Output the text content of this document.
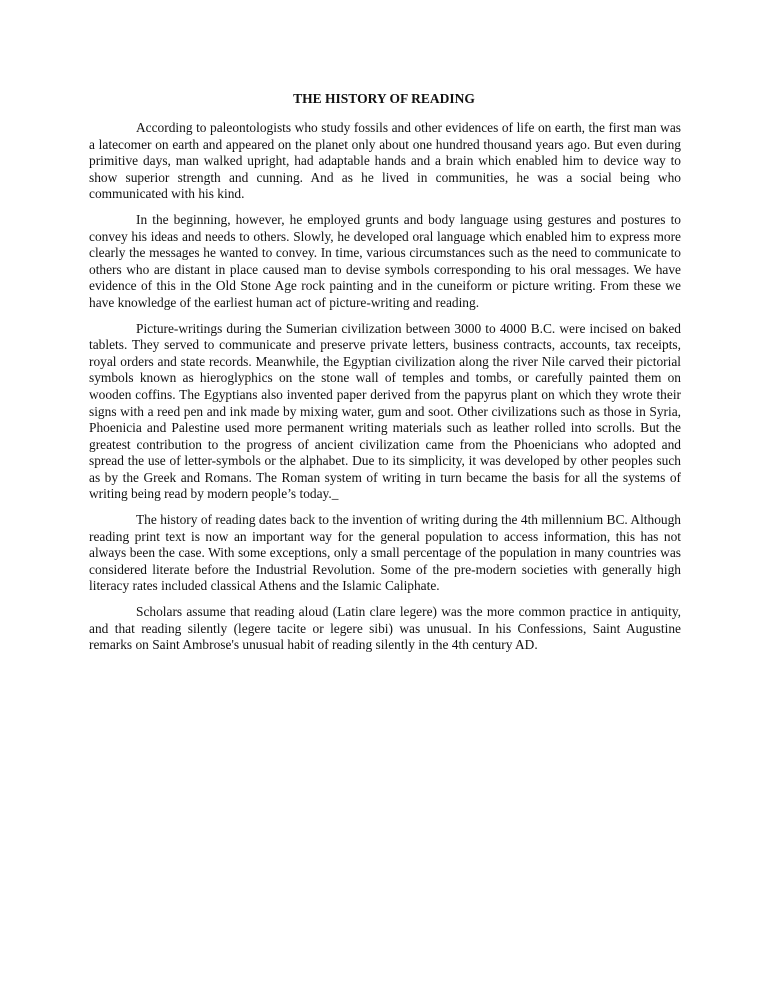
THE HISTORY OF READING

According to paleontologists who study fossils and other evidences of life on earth, the first man was a latecomer on earth and appeared on the planet only about one hundred thousand years ago. But even during primitive days, man walked upright, had adaptable hands and a brain which enabled him to device way to show superior strength and cunning. And as he lived in communities, he was a social being who communicated with his kind.

In the beginning, however, he employed grunts and body language using gestures and postures to convey his ideas and needs to others. Slowly, he developed oral language which enabled him to express more clearly the messages he wanted to convey. In time, various circumstances such as the need to communicate to others who are distant in place caused man to devise symbols corresponding to his oral messages. We have evidence of this in the Old Stone Age rock painting and in the cuneiform or picture writing. From these we have knowledge of the earliest human act of picture-writing and reading.

Picture-writings during the Sumerian civilization between 3000 to 4000 B.C. were incised on baked tablets. They served to communicate and preserve private letters, business contracts, accounts, tax receipts, royal orders and state records. Meanwhile, the Egyptian civilization along the river Nile carved their pictorial symbols known as hieroglyphics on the stone wall of temples and tombs, or carefully painted them on wooden coffins. The Egyptians also invented paper derived from the papyrus plant on which they wrote their signs with a reed pen and ink made by mixing water, gum and soot. Other civilizations such as those in Syria, Phoenicia and Palestine used more permanent writing materials such as leather rolled into scrolls. But the greatest contribution to the progress of ancient civilization came from the Phoenicians who adopted and spread the use of letter-symbols or the alphabet. Due to its simplicity, it was developed by other peoples such as by the Greek and Romans. The Roman system of writing in turn became the basis for all the systems of writing being read by modern people’s today._

The history of reading dates back to the invention of writing during the 4th millennium BC. Although reading print text is now an important way for the general population to access information, this has not always been the case. With some exceptions, only a small percentage of the population in many countries was considered literate before the Industrial Revolution. Some of the pre-modern societies with generally high literacy rates included classical Athens and the Islamic Caliphate.

Scholars assume that reading aloud (Latin clare legere) was the more common practice in antiquity, and that reading silently (legere tacite or legere sibi) was unusual. In his Confessions, Saint Augustine remarks on Saint Ambrose's unusual habit of reading silently in the 4th century AD.
